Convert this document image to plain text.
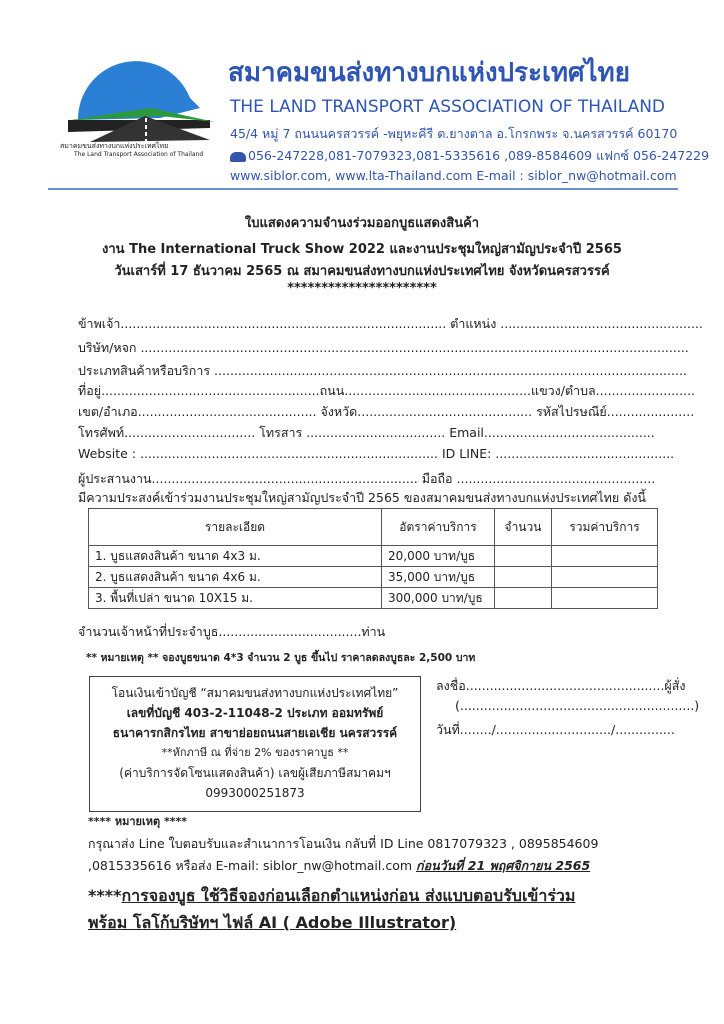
สมาคมขนส่งทางบกแห่งประเทศไทย
The Land Transport Association of Thailand
สมาคมขนส่งทางบกแห่งประเทศไทย
THE LAND TRANSPORT ASSOCIATION OF THAILAND
45/4 หมู่ 7 ถนนนครสวรรค์ -พยุหะคีรี ต.ยางตาล อ.โกรกพระ จ.นครสวรรค์ 60170
056-247228,081-7079323,081-5335616 ,089-8584609 แฟกซ์ 056-247229
www.siblor.com, www.lta-Thailand.com E-mail : siblor_nw@hotmail.com
ใบแสดงความจำนงร่วมออกบูธแสดงสินค้า
งาน The International Truck Show 2022 และงานประชุมใหญ่สามัญประจำปี 2565
วันเสาร์ที่ 17 ธันวาคม 2565 ณ สมาคมขนส่งทางบกแห่งประเทศไทย จังหวัดนครสวรรค์
**********************
ข้าพเจ้า.................................................................................. ตำแหน่ง ...................................................
บริษัท/หจก ..........................................................................................................................................
ประเภทสินค้าหรือบริการ .......................................................................................................................
ที่อยู่.......................................................ถนน...............................................แขวง/ตำบล.........................
เขต/อำเภอ............................................. จังหวัด............................................ รหัสไปรษณีย์......................
โทรศัพท์................................. โทรสาร ................................... Email...........................................
Website : ........................................................................... ID LINE: .............................................
ผู้ประสานงาน................................................................... มือถือ ..................................................
มีความประสงค์เข้าร่วมงานประชุมใหญ่สามัญประจำปี 2565 ของสมาคมขนส่งทางบกแห่งประเทศไทย ดังนี้
รายละเอียด	อัตราค่าบริการ	จำนวน	รวมค่าบริการ
1. บูธแสดงสินค้า ขนาด 4x3 ม.	20,000 บาท/บูธ		
2. บูธแสดงสินค้า ขนาด 4x6 ม.	35,000 บาท/บูธ		
3. พื้นที่เปล่า ขนาด 10X15 ม.	300,000 บาท/บูธ		
จำนวนเจ้าหน้าที่ประจำบูธ....................................ท่าน
** หมายเหตุ ** จองบูธขนาด 4*3 จำนวน 2 บูธ ขึ้นไป ราคาลดลงบูธละ 2,500 บาท
โอนเงินเข้าบัญชี “สมาคมขนส่งทางบกแห่งประเทศไทย”
เลขที่บัญชี 403-2-11048-2 ประเภท ออมทรัพย์
ธนาคารกสิกรไทย สาขาย่อยถนนสายเอเชีย นครสวรรค์
**หักภาษี ณ ที่จ่าย 2% ของราคาบูธ **
(ค่าบริการจัดโซนแสดงสินค้า) เลขผู้เสียภาษีสมาคมฯ
0993000251873
ลงชื่อ..................................................ผู้สั่ง
(...........................................................)
วันที่......../............................./...............
**** หมายเหตุ ****
กรุณาส่ง Line ใบตอบรับและสำเนาการโอนเงิน กลับที่ ID Line 0817079323 , 0895854609
,0815335616 หรือส่ง E-mail: siblor_nw@hotmail.com ก่อนวันที่ 21 พฤศจิกายน 2565
****การจองบูธ ใช้วิธีจองก่อนเลือกตำแหน่งก่อน ส่งแบบตอบรับเข้าร่วม
พร้อม โลโก้บริษัทฯ ไฟล์ AI ( Adobe Illustrator)
